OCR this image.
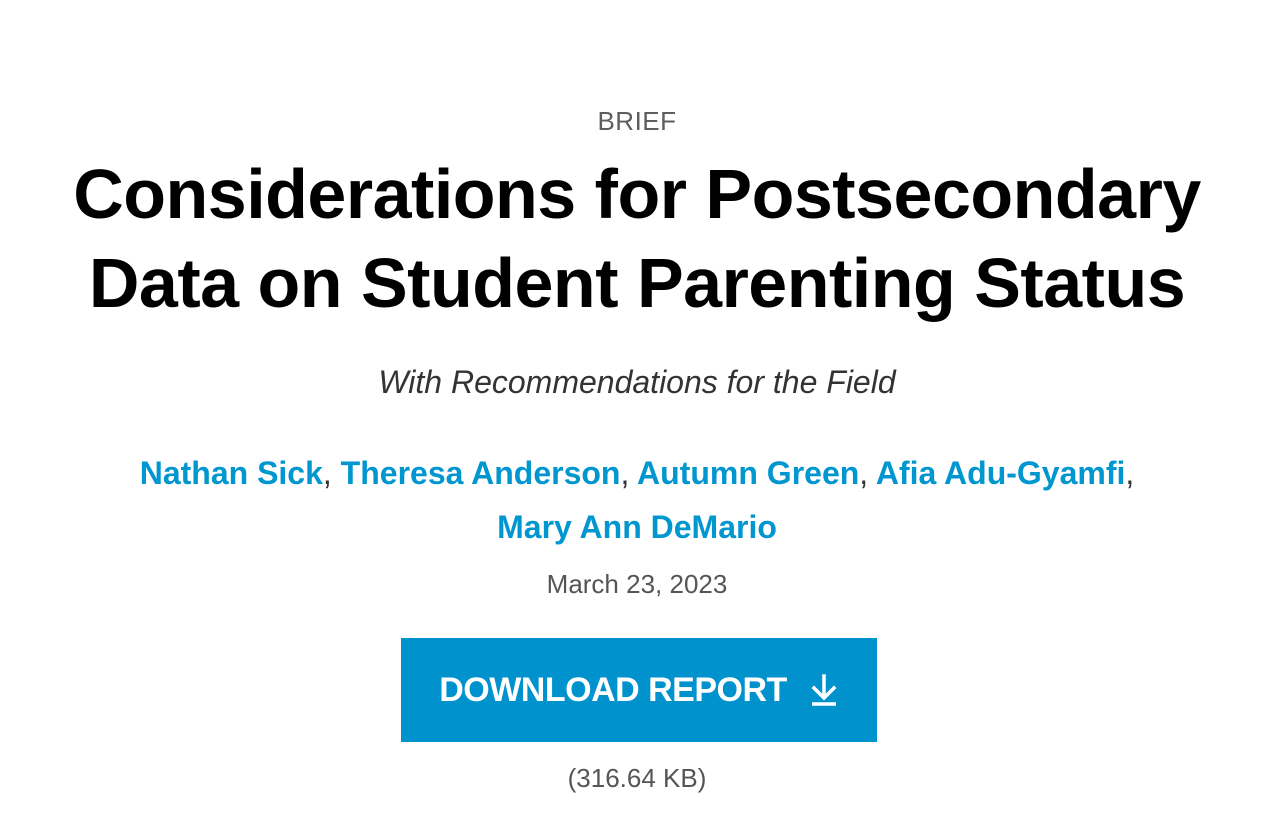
BRIEF
Considerations for Postsecondary
Data on Student Parenting Status
With Recommendations for the Field
Nathan Sick, Theresa Anderson, Autumn Green, Afia Adu-Gyamfi,
Mary Ann DeMario
March 23, 2023
DOWNLOAD REPORT
(316.64 KB)
